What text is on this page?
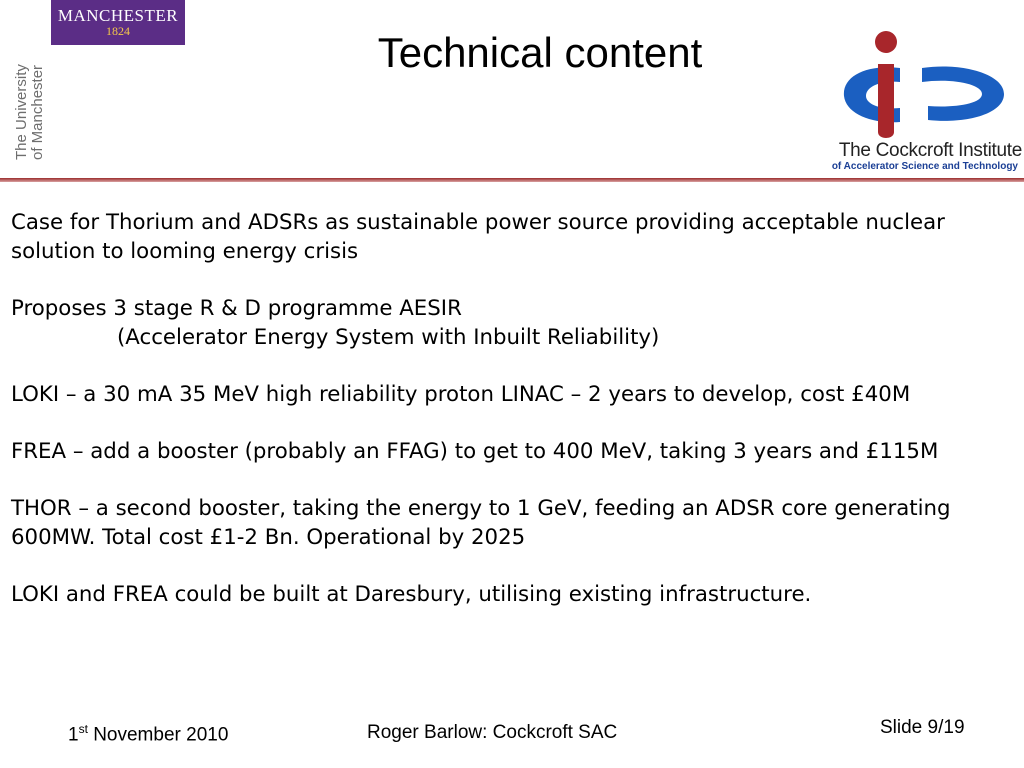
MANCHESTER
1824
The University of Manchester
Technical content
The Cockcroft Institute
of Accelerator Science and Technology

Case for Thorium and ADSRs as sustainable power source providing acceptable nuclear solution to looming energy crisis

Proposes 3 stage R & D programme AESIR
(Accelerator Energy System with Inbuilt Reliability)

LOKI – a 30 mA 35 MeV high reliability proton LINAC – 2 years to develop, cost £40M

FREA – add a booster (probably an FFAG) to get to 400 MeV, taking 3 years and £115M

THOR – a second booster, taking the energy to 1 GeV, feeding an ADSR core generating 600MW. Total cost £1-2 Bn. Operational by 2025

LOKI and FREA could be built at Daresbury, utilising existing infrastructure.

1st November 2010	Roger Barlow: Cockcroft SAC	Slide 9/19
